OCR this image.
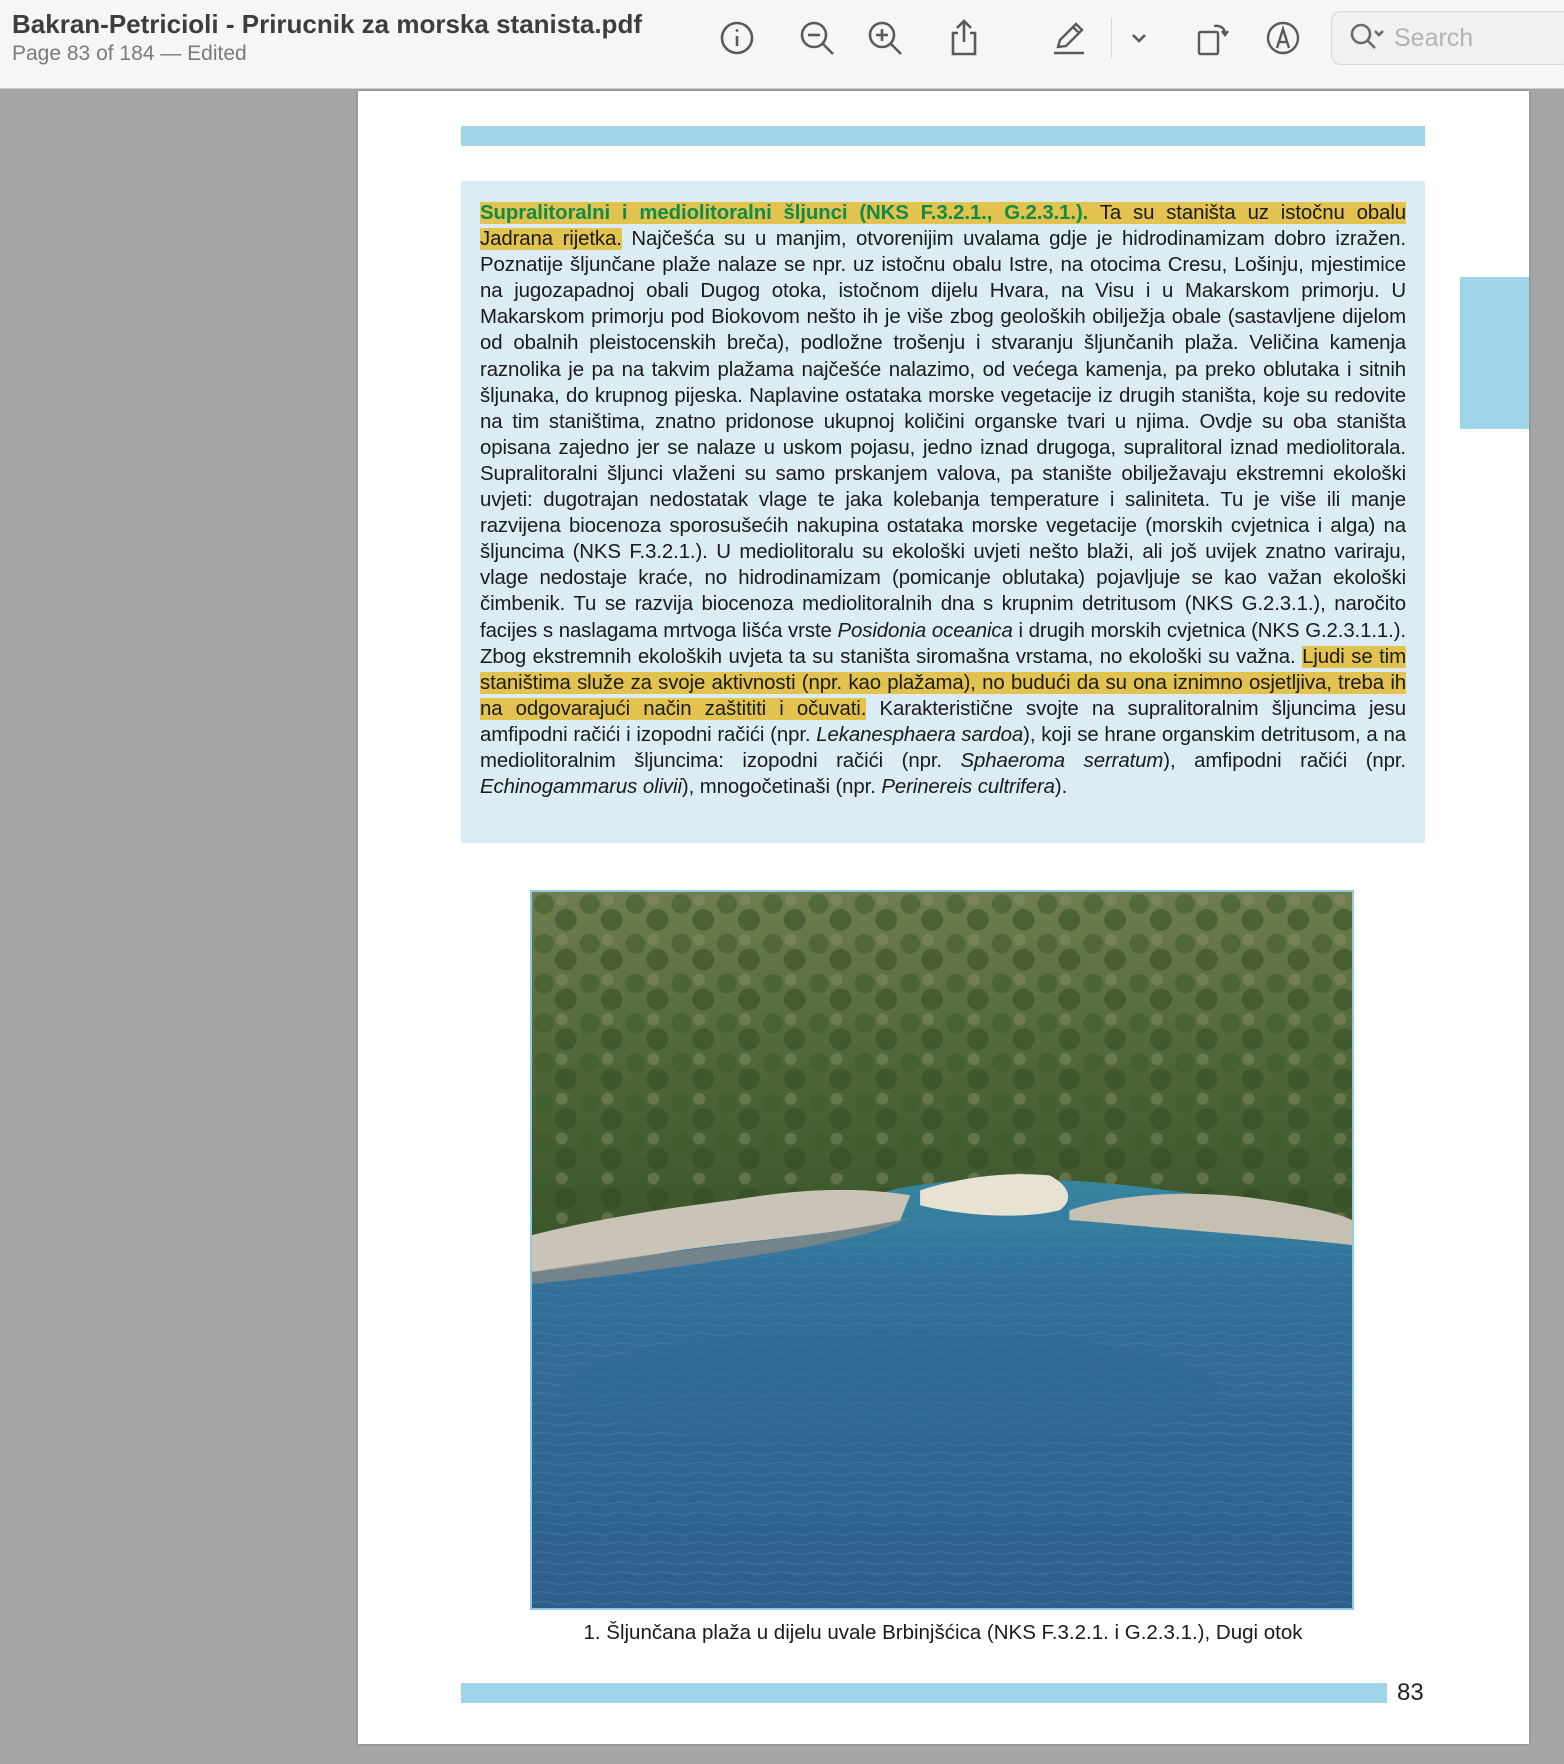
Bakran-Petricioli - Prirucnik za morska stanista.pdf
Page 83 of 184 — Edited
Search

Supralitoralni i mediolitoralni šljunci (NKS F.3.2.1., G.2.3.1.). Ta su staništa uz istočnu obalu Jadrana rijetka. Najčešća su u manjim, otvorenijim uvalama gdje je hidrodinamizam dobro izražen. Poznatije šljunčane plaže nalaze se npr. uz istočnu obalu Istre, na otocima Cresu, Lošinju, mjestimice na jugozapadnoj obali Dugog otoka, istočnom dijelu Hvara, na Visu i u Makarskom primorju. U Makarskom primorju pod Biokovom nešto ih je više zbog geoloških obilježja obale (sastavljene dijelom od obalnih pleistocenskih breča), podložne trošenju i stvaranju šljunčanih plaža. Veličina kamenja raznolika je pa na takvim plažama najčešće nalazimo, od većega kamenja, pa preko oblutaka i sitnih šljunaka, do krupnog pijeska. Naplavine ostataka morske vegetacije iz drugih staništa, koje su redovite na tim staništima, znatno pridonose ukupnoj količini organske tvari u njima. Ovdje su oba staništa opisana zajedno jer se nalaze u uskom pojasu, jedno iznad drugoga, supralitoral iznad mediolitorala. Supralitoralni šljunci vlaženi su samo prskanjem valova, pa stanište obilježavaju ekstremni ekološki uvjeti: dugotrajan nedostatak vlage te jaka kolebanja temperature i saliniteta. Tu je više ili manje razvijena biocenoza sporosušećih nakupina ostataka morske vegetacije (morskih cvjetnica i alga) na šljuncima (NKS F.3.2.1.). U mediolitoralu su ekološki uvjeti nešto blaži, ali još uvijek znatno variraju, vlage nedostaje kraće, no hidrodinamizam (pomicanje oblutaka) pojavljuje se kao važan ekološki čimbenik. Tu se razvija biocenoza mediolitoralnih dna s krupnim detritusom (NKS G.2.3.1.), naročito facijes s naslagama mrtvoga lišća vrste Posidonia oceanica i drugih morskih cvjetnica (NKS G.2.3.1.1.). Zbog ekstremnih ekoloških uvjeta ta su staništa siromašna vrstama, no ekološki su važna. Ljudi se tim staništima služe za svoje aktivnosti (npr. kao plažama), no budući da su ona iznimno osjetljiva, treba ih na odgovarajući način zaštititi i očuvati. Karakteristične svojte na supralitoralnim šljuncima jesu amfipodni račići i izopodni račići (npr. Lekanesphaera sardoa), koji se hrane organskim detritusom, a na mediolitoralnim šljuncima: izopodni račići (npr. Sphaeroma serratum), amfipodni račići (npr. Echinogammarus olivii), mnogočetinaši (npr. Perinereis cultrifera).

1. Šljunčana plaža u dijelu uvale Brbinjšćica (NKS F.3.2.1. i G.2.3.1.), Dugi otok
83
